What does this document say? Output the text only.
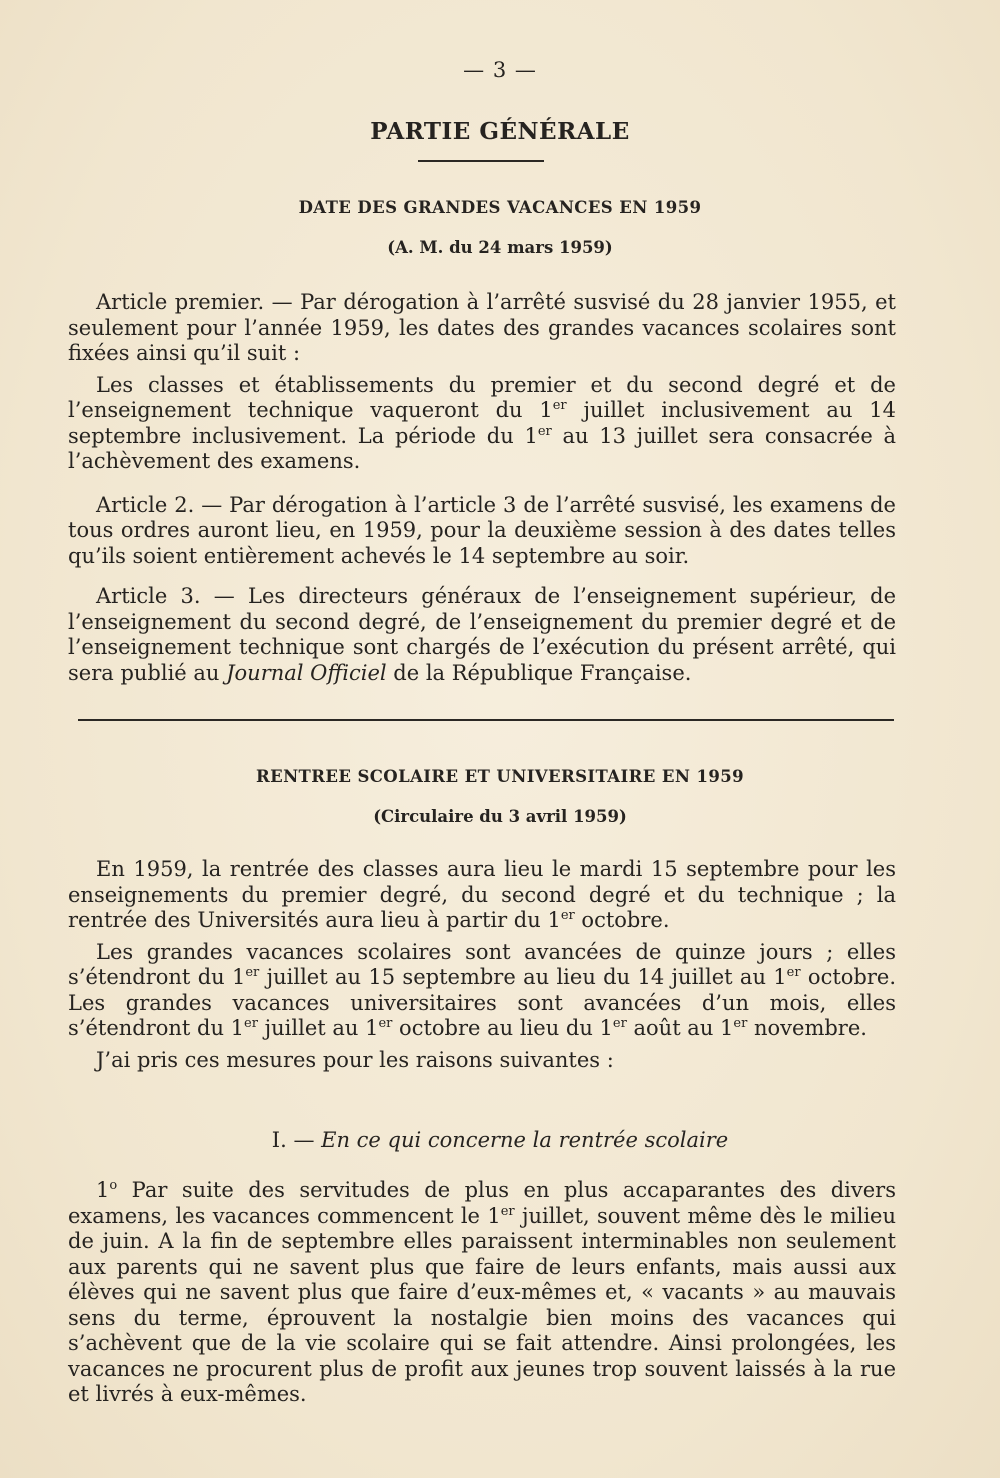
— 3 —
PARTIE GÉNÉRALE
DATE DES GRANDES VACANCES EN 1959
(A. M. du 24 mars 1959)

Article premier. — Par dérogation à l’arrêté susvisé du 28 janvier 1955, et seulement pour l’année 1959, les dates des grandes vacances scolaires sont fixées ainsi qu’il suit :

Les classes et établissements du premier et du second degré et de l’enseignement technique vaqueront du 1er juillet inclusivement au 14 septembre inclusivement. La période du 1er au 13 juillet sera consacrée à l’achèvement des examens.

Article 2. — Par dérogation à l’article 3 de l’arrêté susvisé, les examens de tous ordres auront lieu, en 1959, pour la deuxième session à des dates telles qu’ils soient entièrement achevés le 14 septembre au soir.

Article 3. — Les directeurs généraux de l’enseignement supérieur, de l’enseignement du second degré, de l’enseignement du premier degré et de l’enseignement technique sont chargés de l’exécution du présent arrêté, qui sera publié au Journal Officiel de la République Française.

RENTREE SCOLAIRE ET UNIVERSITAIRE EN 1959
(Circulaire du 3 avril 1959)

En 1959, la rentrée des classes aura lieu le mardi 15 septembre pour les enseignements du premier degré, du second degré et du technique ; la rentrée des Universités aura lieu à partir du 1er octobre.

Les grandes vacances scolaires sont avancées de quinze jours ; elles s’étendront du 1er juillet au 15 septembre au lieu du 14 juillet au 1er octobre. Les grandes vacances universitaires sont avancées d’un mois, elles s’étendront du 1er juillet au 1er octobre au lieu du 1er août au 1er novembre.

J’ai pris ces mesures pour les raisons suivantes :

I. — En ce qui concerne la rentrée scolaire

1$^o$ Par suite des servitudes de plus en plus accaparantes des divers examens, les vacances commencent le 1er juillet, souvent même dès le milieu de juin. A la fin de septembre elles paraissent interminables non seulement aux parents qui ne savent plus que faire de leurs enfants, mais aussi aux élèves qui ne savent plus que faire d’eux-mêmes et, « vacants » au mauvais sens du terme, éprouvent la nostalgie bien moins des vacances qui s’achèvent que de la vie scolaire qui se fait attendre. Ainsi prolongées, les vacances ne procurent plus de profit aux jeunes trop souvent laissés à la rue et livrés à eux-mêmes.
